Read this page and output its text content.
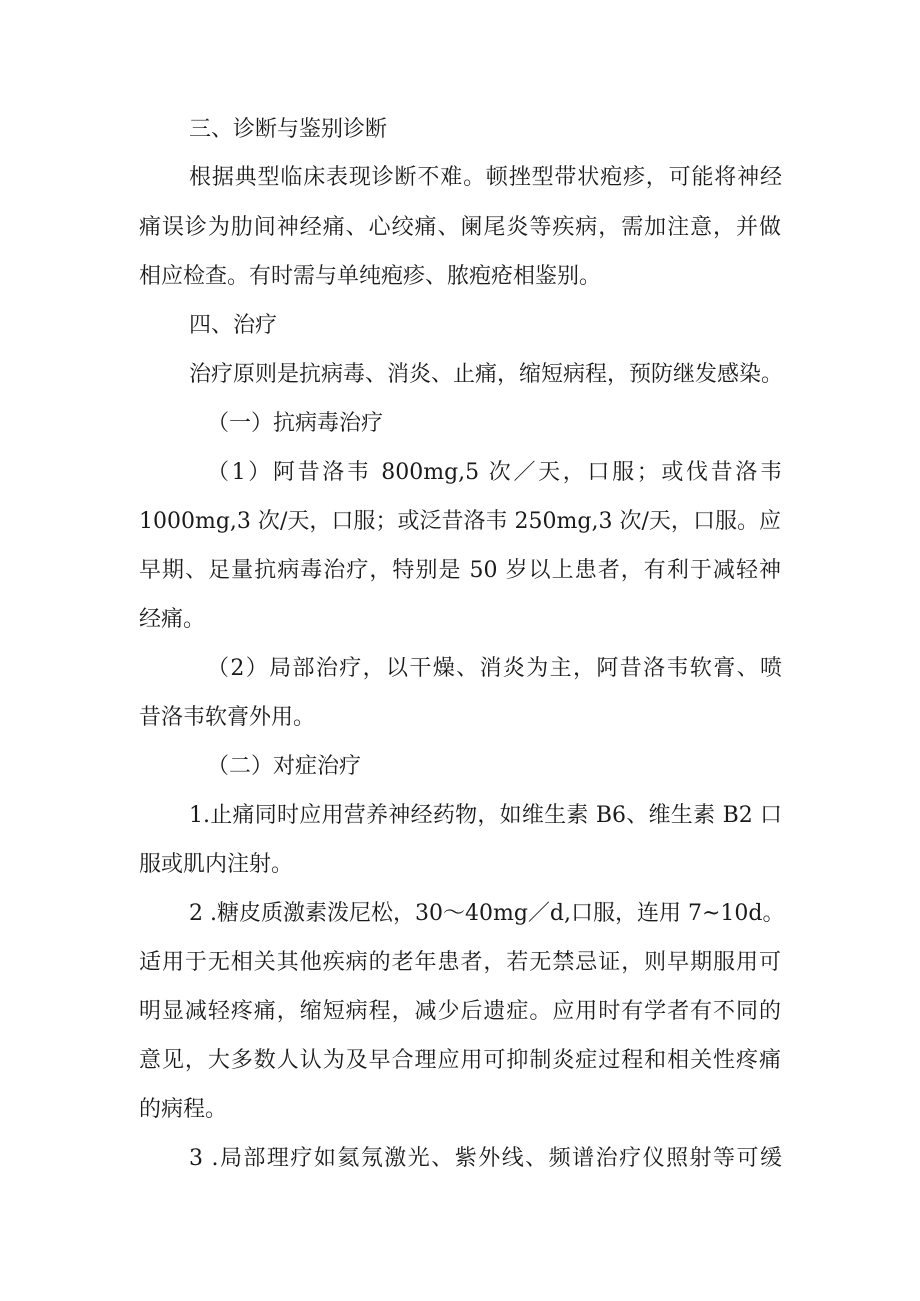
三、诊断与鉴别诊断
根据典型临床表现诊断不难。顿挫型带状疱疹，可能将神经
痛误诊为肋间神经痛、心绞痛、阑尾炎等疾病，需加注意，并做
相应检查。有时需与单纯疱疹、脓疱疮相鉴别。
四、治疗
治疗原则是抗病毒、消炎、止痛，缩短病程，预防继发感染。
（一）抗病毒治疗
（1）阿昔洛韦 800mg,5 次／天，口服；或伐昔洛韦
1000mg,3 次/天，口服；或泛昔洛韦 250mg,3 次/天，口服。应
早期、足量抗病毒治疗，特别是 50 岁以上患者，有利于减轻神
经痛。
（2）局部治疗，以干燥、消炎为主，阿昔洛韦软膏、喷
昔洛韦软膏外用。
（二）对症治疗
1.止痛同时应用营养神经药物，如维生素 B6、维生素 B2 口
服或肌内注射。
2 .糖皮质激素泼尼松，30～40mg／d,口服，连用 7~10d。
适用于无相关其他疾病的老年患者，若无禁忌证，则早期服用可
明显减轻疼痛，缩短病程，减少后遗症。应用时有学者有不同的
意见，大多数人认为及早合理应用可抑制炎症过程和相关性疼痛
的病程。
3 .局部理疗如氦氖激光、紫外线、频谱治疗仪照射等可缓
